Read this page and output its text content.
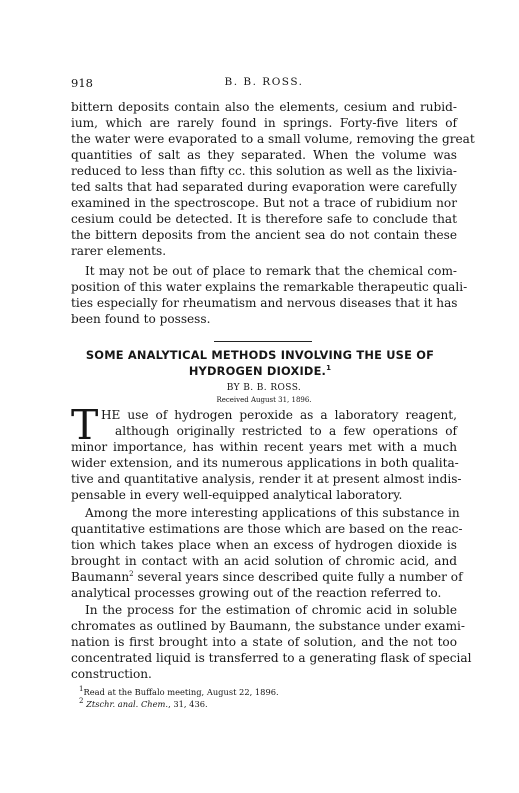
918	B. B. ROSS.
bittern deposits contain also the elements, cesium and rubid-
ium, which are rarely found in springs. Forty-five liters of
the water were evaporated to a small volume, removing the great
quantities of salt as they separated. When the volume was
reduced to less than fifty cc. this solution as well as the lixivia-
ted salts that had separated during evaporation were carefully
examined in the spectroscope. But not a trace of rubidium nor
cesium could be detected. It is therefore safe to conclude that
the bittern deposits from the ancient sea do not contain these
rarer elements.
It may not be out of place to remark that the chemical com-
position of this water explains the remarkable therapeutic quali-
ties especially for rheumatism and nervous diseases that it has
been found to possess.
SOME ANALYTICAL METHODS INVOLVING THE USE OF
HYDROGEN DIOXIDE.$^1$
BY B. B. ROSS.
Received August 31, 1896.
T HE use of hydrogen peroxide as a laboratory reagent,
although originally restricted to a few operations of
minor importance, has within recent years met with a much
wider extension, and its numerous applications in both qualita-
tive and quantitative analysis, render it at present almost indis-
pensable in every well-equipped analytical laboratory.
Among the more interesting applications of this substance in
quantitative estimations are those which are based on the reac-
tion which takes place when an excess of hydrogen dioxide is
brought in contact with an acid solution of chromic acid, and
Baumann$^2$ several years since described quite fully a number of
analytical processes growing out of the reaction referred to.
In the process for the estimation of chromic acid in soluble
chromates as outlined by Baumann, the substance under exami-
nation is first brought into a state of solution, and the not too
concentrated liquid is transferred to a generating flask of special
construction.
$^1$Read at the Buffalo meeting, August 22, 1896.
$^2$ Ztschr. anal. Chem., 31, 436.
